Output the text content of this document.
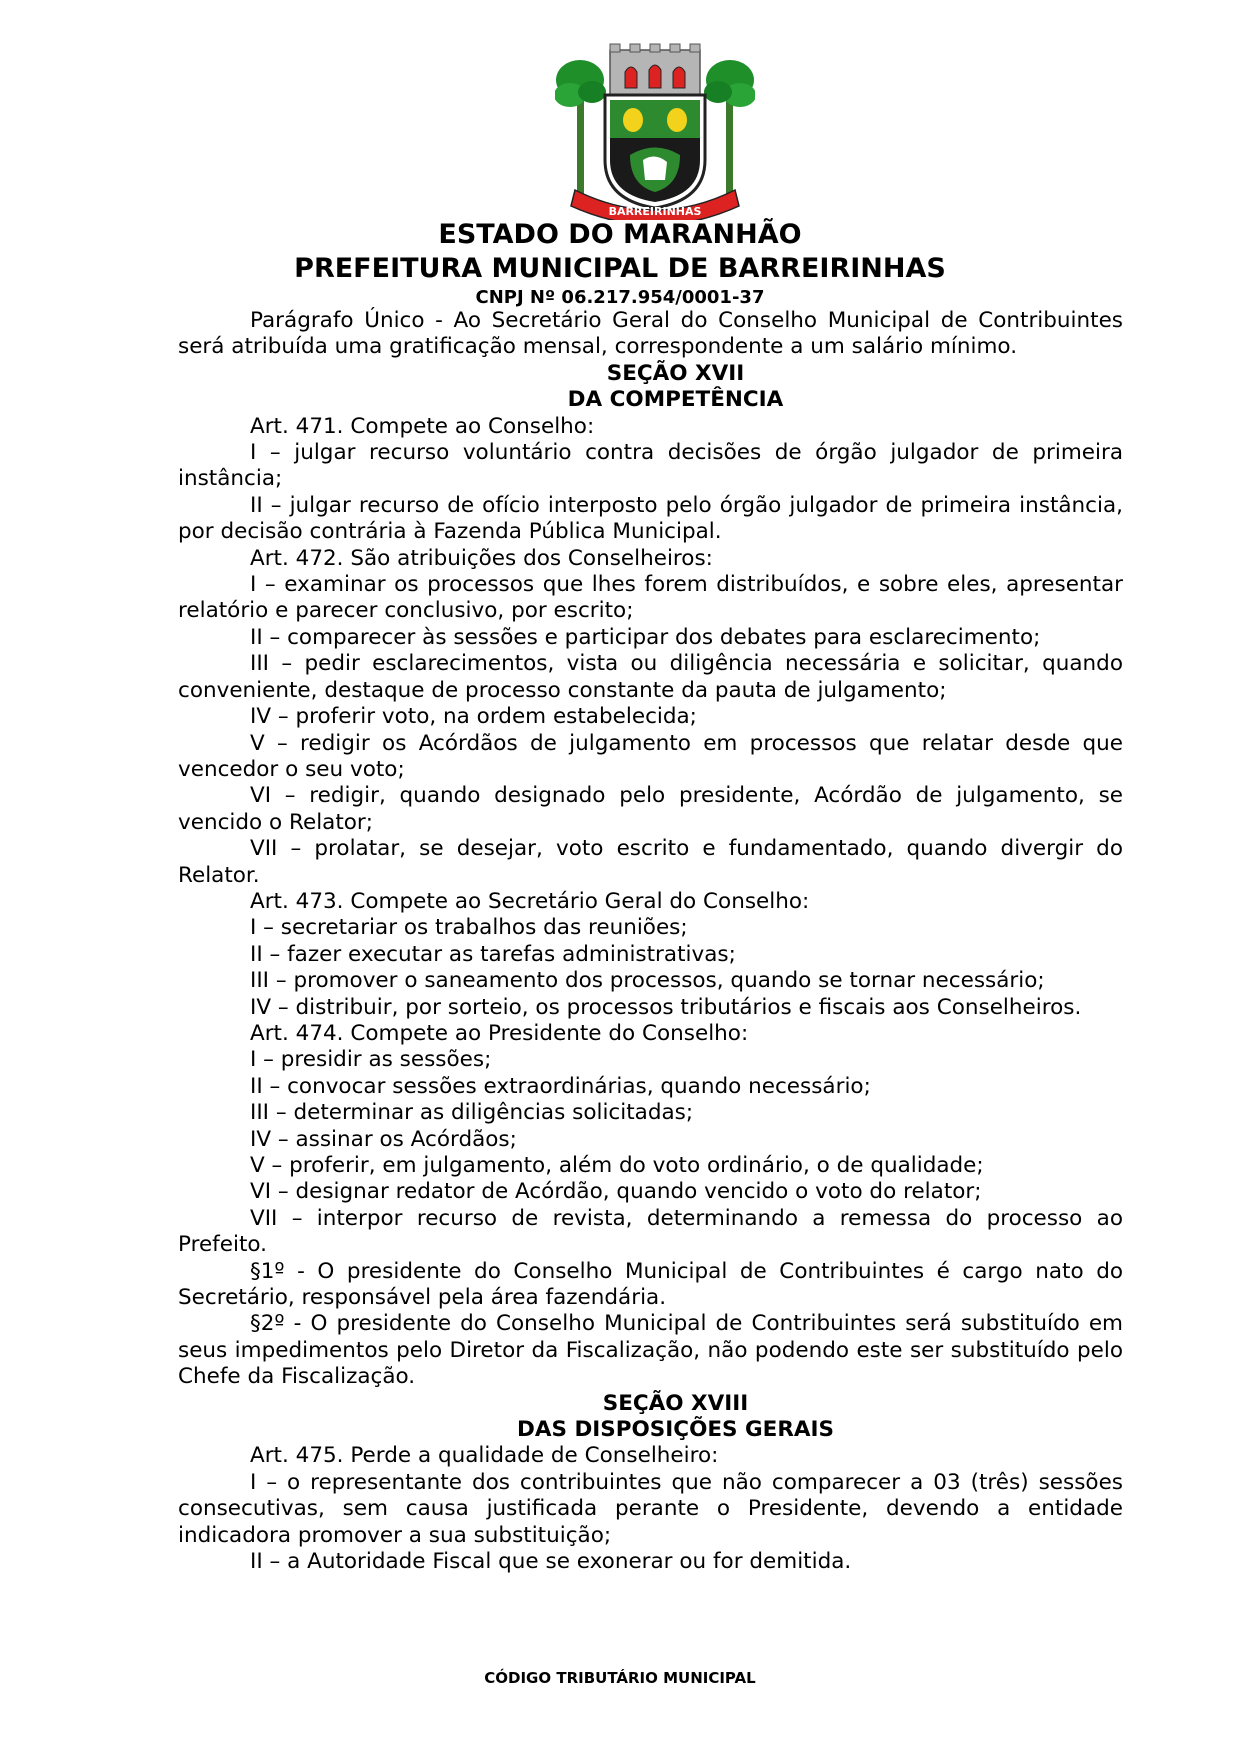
BARREIRINHAS
ESTADO DO MARANHÃO
PREFEITURA MUNICIPAL DE BARREIRINHAS
CNPJ Nº 06.217.954/0001-37

Parágrafo Único - Ao Secretário Geral do Conselho Municipal de Contribuintes será atribuída uma gratificação mensal, correspondente a um salário mínimo.

SEÇÃO XVII

DA COMPETÊNCIA

Art. 471. Compete ao Conselho:

I – julgar recurso voluntário contra decisões de órgão julgador de primeira instância;

II – julgar recurso de ofício interposto pelo órgão julgador de primeira instância, por decisão contrária à Fazenda Pública Municipal.

Art. 472. São atribuições dos Conselheiros:

I – examinar os processos que lhes forem distribuídos, e sobre eles, apresentar relatório e parecer conclusivo, por escrito;

II – comparecer às sessões e participar dos debates para esclarecimento;

III – pedir esclarecimentos, vista ou diligência necessária e solicitar, quando conveniente, destaque de processo constante da pauta de julgamento;

IV – proferir voto, na ordem estabelecida;

V – redigir os Acórdãos de julgamento em processos que relatar desde que vencedor o seu voto;

VI – redigir, quando designado pelo presidente, Acórdão de julgamento, se vencido o Relator;

VII – prolatar, se desejar, voto escrito e fundamentado, quando divergir do Relator.

Art. 473. Compete ao Secretário Geral do Conselho:

I – secretariar os trabalhos das reuniões;

II – fazer executar as tarefas administrativas;

III – promover o saneamento dos processos, quando se tornar necessário;

IV – distribuir, por sorteio, os processos tributários e fiscais aos Conselheiros.

Art. 474. Compete ao Presidente do Conselho:

I – presidir as sessões;

II – convocar sessões extraordinárias, quando necessário;

III – determinar as diligências solicitadas;

IV – assinar os Acórdãos;

V – proferir, em julgamento, além do voto ordinário, o de qualidade;

VI – designar redator de Acórdão, quando vencido o voto do relator;

VII – interpor recurso de revista, determinando a remessa do processo ao Prefeito.

§1º - O presidente do Conselho Municipal de Contribuintes é cargo nato do Secretário, responsável pela área fazendária.

§2º - O presidente do Conselho Municipal de Contribuintes será substituído em seus impedimentos pelo Diretor da Fiscalização, não podendo este ser substituído pelo Chefe da Fiscalização.

SEÇÃO XVIII

DAS DISPOSIÇÕES GERAIS

Art. 475. Perde a qualidade de Conselheiro:

I – o representante dos contribuintes que não comparecer a 03 (três) sessões consecutivas, sem causa justificada perante o Presidente, devendo a entidade indicadora promover a sua substituição;

II – a Autoridade Fiscal que se exonerar ou for demitida.

CÓDIGO TRIBUTÁRIO MUNICIPAL
